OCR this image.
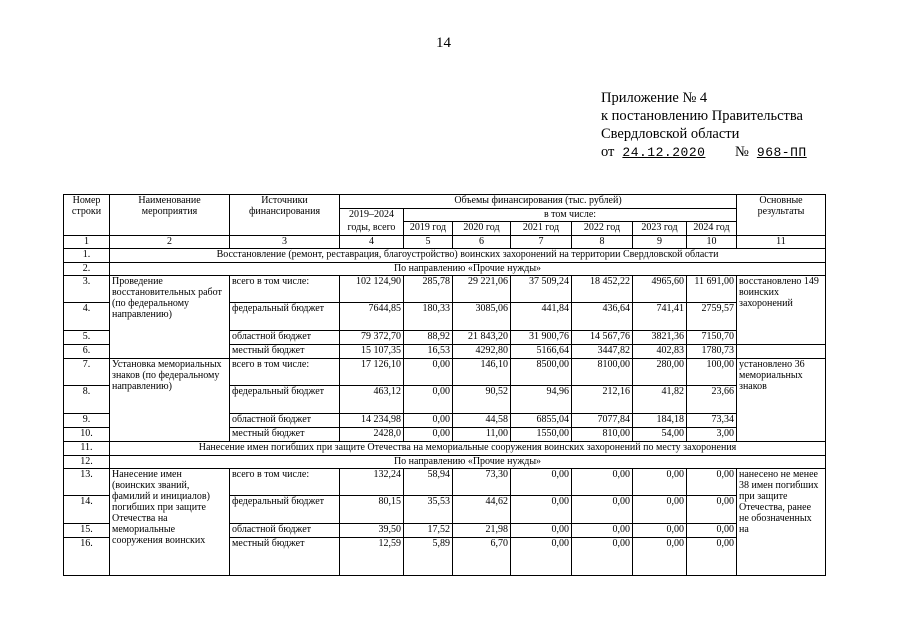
14
Приложение № 4
к постановлению Правительства
Свердловской области
от 24.12.2020 № 968-ПП
Номер строки	Наименование мероприятия	Источники финансирования	Объемы финансирования (тыс. рублей)							Основные результаты
			2019–2024	в том числе:						
			годы, всего	2019 год	2020 год	2021 год	2022 год	2023 год	2024 год	
1	2	3	4	5	6	7	8	9	10	11
1.	Восстановление (ремонт, реставрация, благоустройство) воинских захоронений на территории Свердловской области									
2.	По направлению «Прочие нужды»									
3.	Проведение восстановительных работ (по федеральному направлению)	всего в том числе:	102 124,90	285,78	29 221,06	37 509,24	18 452,22	4965,60	11 691,00	восстановлено 149 воинских захоронений
4.		федеральный бюджет	7644,85	180,33	3085,06	441,84	436,64	741,41	2759,57	
5.		областной бюджет	79 372,70	88,92	21 843,20	31 900,76	14 567,76	3821,36	7150,70	
6.		местный бюджет	15 107,35	16,53	4292,80	5166,64	3447,82	402,83	1780,73	
7.	Установка мемориальных знаков (по федеральному направлению)	всего в том числе:	17 126,10	0,00	146,10	8500,00	8100,00	280,00	100,00	установлено 36 мемориальных знаков
8.		федеральный бюджет	463,12	0,00	90,52	94,96	212,16	41,82	23,66	
9.		областной бюджет	14 234,98	0,00	44,58	6855,04	7077,84	184,18	73,34	
10.		местный бюджет	2428,0	0,00	11,00	1550,00	810,00	54,00	3,00	
11.	Нанесение имен погибших при защите Отечества на мемориальные сооружения воинских захоронений по месту захоронения									
12.	По направлению «Прочие нужды»									
13.	Нанесение имен (воинских званий, фамилий и инициалов) погибших при защите Отечества на мемориальные сооружения воинских	всего в том числе:	132,24	58,94	73,30	0,00	0,00	0,00	0,00	нанесено не менее 38 имен погибших при защите Отечества, ранее не обозначенных на
14.		федеральный бюджет	80,15	35,53	44,62	0,00	0,00	0,00	0,00	
15.		областной бюджет	39,50	17,52	21,98	0,00	0,00	0,00	0,00	
16.		местный бюджет	12,59	5,89	6,70	0,00	0,00	0,00	0,00	
